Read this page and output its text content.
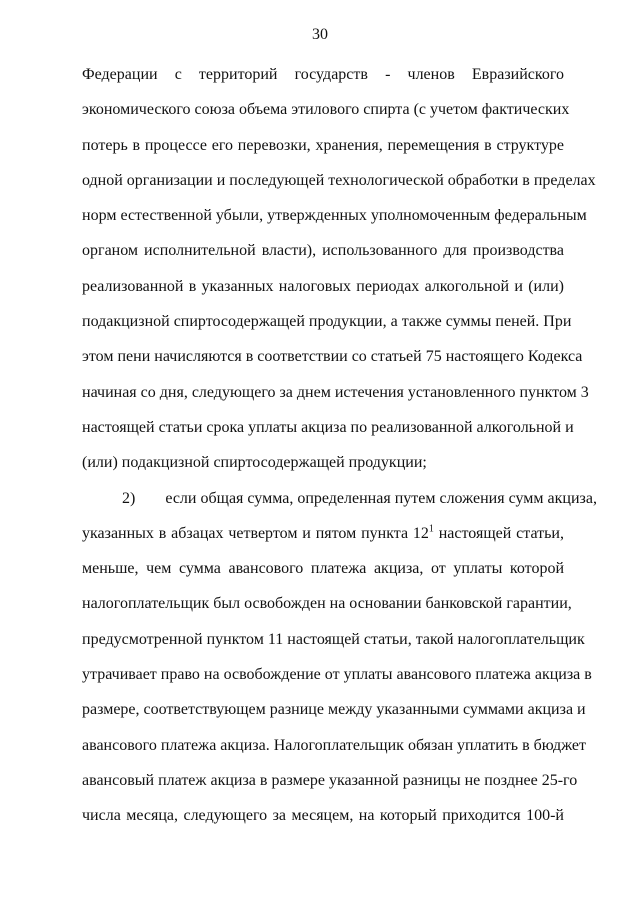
30
Федерации с территорий государств - членов Евразийского
экономического союза объема этилового спирта (с учетом фактических
потерь в процессе его перевозки, хранения, перемещения в структуре
одной организации и последующей технологической обработки в пределах
норм естественной убыли, утвержденных уполномоченным федеральным
органом исполнительной власти), использованного для производства
реализованной в указанных налоговых периодах алкогольной и (или)
подакцизной спиртосодержащей продукции, а также суммы пеней. При
этом пени начисляются в соответствии со статьей 75 настоящего Кодекса
начиная со дня, следующего за днем истечения установленного пунктом 3
настоящей статьи срока уплаты акциза по реализованной алкогольной и
(или) подакцизной спиртосодержащей продукции;
2) если общая сумма, определенная путем сложения сумм акциза,
указанных в абзацах четвертом и пятом пункта $12^1$ настоящей статьи,
меньше, чем сумма авансового платежа акциза, от уплаты которой
налогоплательщик был освобожден на основании банковской гарантии,
предусмотренной пунктом 11 настоящей статьи, такой налогоплательщик
утрачивает право на освобождение от уплаты авансового платежа акциза в
размере, соответствующем разнице между указанными суммами акциза и
авансового платежа акциза. Налогоплательщик обязан уплатить в бюджет
авансовый платеж акциза в размере указанной разницы не позднее 25-го
числа месяца, следующего за месяцем, на который приходится 100-й
